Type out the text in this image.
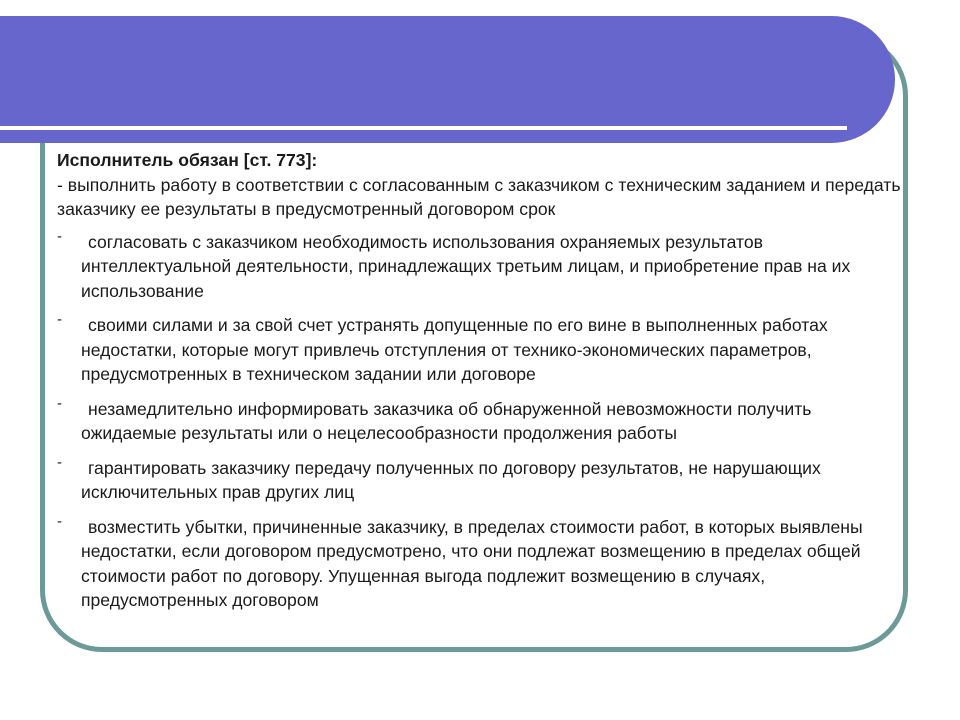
Исполнитель обязан [ст. 773]:

- выполнить работу в соответствии с согласованным с заказчиком с техническим заданием и передать заказчику ее результаты в предусмотренный договором срок

-	согласовать с заказчиком необходимость использования охраняемых результатов интеллектуальной деятельности, принадлежащих третьим лицам, и приобретение прав на их использование
-	своими силами и за свой счет устранять допущенные по его вине в выполненных работах недостатки, которые могут привлечь отступления от технико-экономических параметров, предусмотренных в техническом задании или договоре
-	незамедлительно информировать заказчика об обнаруженной невозможности получить ожидаемые результаты или о нецелесообразности продолжения работы
-	гарантировать заказчику передачу полученных по договору результатов, не нарушающих исключительных прав других лиц
-	возместить убытки, причиненные заказчику, в пределах стоимости работ, в которых выявлены недостатки, если договором предусмотрено, что они подлежат возмещению в пределах общей стоимости работ по договору. Упущенная выгода подлежит возмещению в случаях, предусмотренных договором
